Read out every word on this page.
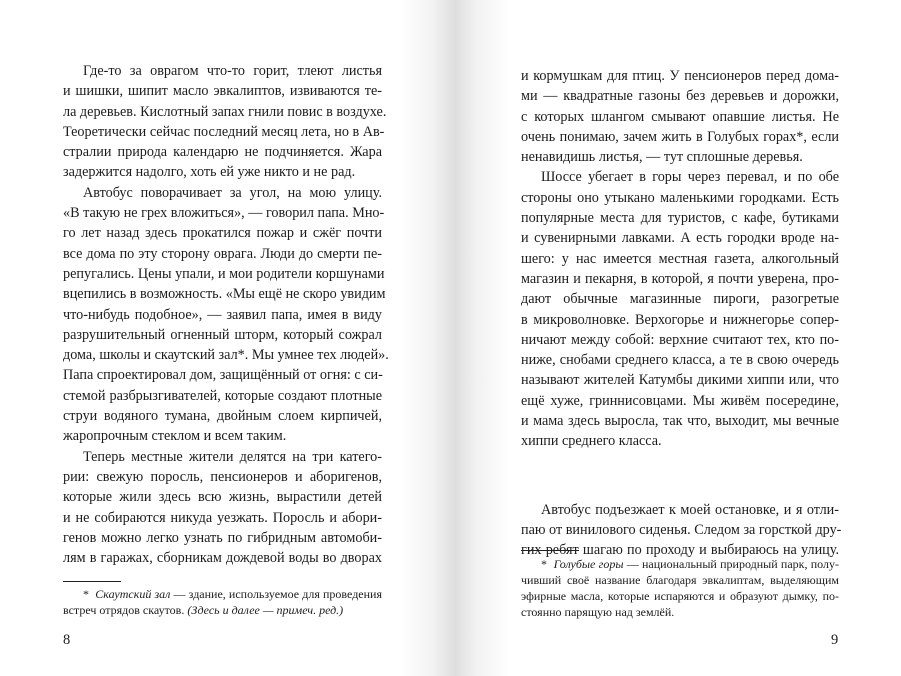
Где-то за оврагом что-то горит, тлеют листья
и шишки, шипит масло эвкалиптов, извиваются те-
ла деревьев. Кислотный запах гнили повис в воздухе.
Теоретически сейчас последний месяц лета, но в Ав-
стралии природа календарю не подчиняется. Жара
задержится надолго, хоть ей уже никто и не рад.
Автобус поворачивает за угол, на мою улицу.
«В такую не грех вложиться», — говорил папа. Мно-
го лет назад здесь прокатился пожар и сжёг почти
все дома по эту сторону оврага. Люди до смерти пе-
репугались. Цены упали, и мои родители коршунами
вцепились в возможность. «Мы ещё не скоро увидим
что-нибудь подобное», — заявил папа, имея в виду
разрушительный огненный шторм, который сожрал
дома, школы и скаутский зал*. Мы умнее тех людей».
Папа спроектировал дом, защищённый от огня: с си-
стемой разбрызгивателей, которые создают плотные
струи водяного тумана, двойным слоем кирпичей,
жаропрочным стеклом и всем таким.
Теперь местные жители делятся на три катего-
рии: свежую поросль, пенсионеров и аборигенов,
которые жили здесь всю жизнь, вырастили детей
и не собираются никуда уезжать. Поросль и абори-
генов можно легко узнать по гибридным автомоби-
лям в гаражах, сборникам дождевой воды во дворах
* Скаутский зал — здание, используемое для проведения
встреч отрядов скаутов. (Здесь и далее — примеч. ред.)
8
и кормушкам для птиц. У пенсионеров перед дома-
ми — квадратные газоны без деревьев и дорожки,
с которых шлангом смывают опавшие листья. Не
очень понимаю, зачем жить в Голубых горах*, если
ненавидишь листья, — тут сплошные деревья.
Шоссе убегает в горы через перевал, и по обе
стороны оно утыкано маленькими городками. Есть
популярные места для туристов, с кафе, бутиками
и сувенирными лавками. А есть городки вроде на-
шего: у нас имеется местная газета, алкогольный
магазин и пекарня, в которой, я почти уверена, про-
дают обычные магазинные пироги, разогретые
в микроволновке. Верхогорье и нижнегорье сопер-
ничают между собой: верхние считают тех, кто по-
ниже, снобами среднего класса, а те в свою очередь
называют жителей Катумбы дикими хиппи или, что
ещё хуже, гриннисовцами. Мы живём посередине,
и мама здесь выросла, так что, выходит, мы вечные
хиппи среднего класса.
Автобус подъезжает к моей остановке, и я отли-
паю от винилового сиденья. Следом за горсткой дру-
гих ребят шагаю по проходу и выбираюсь на улицу.
* Голубые горы — национальный природный парк, полу-
чивший своё название благодаря эвкалиптам, выделяющим
эфирные масла, которые испаряются и образуют дымку, по-
стоянно парящую над землёй.
9
